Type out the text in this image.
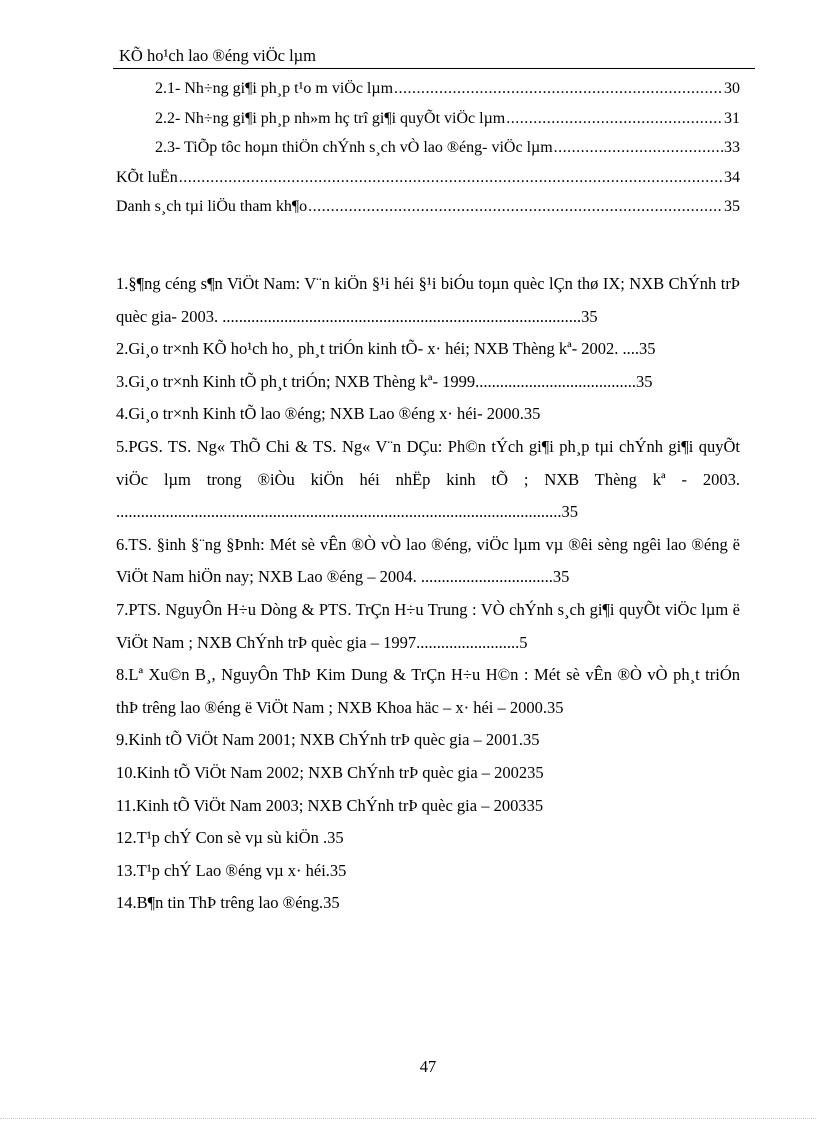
KÕ ho¹ch lao ®éng viÖc lµm
2.1- Nh÷ng gi¶i ph¸p t¹o m viÖc lµm .....	30
2.2- Nh÷ng gi¶i ph¸p nh»m hç trî gi¶i quyÕt viÖc lµm .....	31
2.3- TiÕp tôc hoµn thiÖn chÝnh s¸ch vÒ lao ®éng- viÖc lµm .....	33
KÕt luËn .....	34
Danh s¸ch tµi liÖu tham kh¶o .....	35

1.§¶ng céng s¶n ViÖt Nam: V¨n kiÖn §¹i héi §¹i biÓu toµn quèc lÇn thø IX; NXB ChÝnh trÞ quèc gia- 2003. .......................................................................................35

2.Gi¸o tr×nh KÕ ho¹ch ho¸ ph¸t triÓn kinh tÕ- x· héi; NXB Thèng kª- 2002. ....35

3.Gi¸o tr×nh Kinh tÕ ph¸t triÓn; NXB Thèng kª- 1999.......................................35

4.Gi¸o tr×nh Kinh tÕ lao ®éng; NXB Lao ®éng x· héi- 2000.35

5.PGS. TS. Ng« ThÕ Chi & TS. Ng« V¨n DÇu: Ph©n tÝch gi¶i ph¸p tµi chÝnh gi¶i quyÕt viÖc lµm trong ®iÒu kiÖn héi nhËp kinh tÕ ; NXB Thèng kª - 2003. ............................................................................................................35

6.TS. §inh §¨ng §Þnh: Mét sè vÊn ®Ò vÒ lao ®éng, viÖc lµm vµ ®êi sèng ngêi lao ®éng ë ViÖt Nam hiÖn nay; NXB Lao ®éng – 2004. ................................35

7.PTS. NguyÔn H÷u Dòng & PTS. TrÇn H÷u Trung : VÒ chÝnh s¸ch gi¶i quyÕt viÖc lµm ë ViÖt Nam ; NXB ChÝnh trÞ quèc gia – 1997.........................5

8.Lª Xu©n B¸, NguyÔn ThÞ Kim Dung & TrÇn H÷u H©n : Mét sè vÊn ®Ò vÒ ph¸t triÓn thÞ trêng lao ®éng ë ViÖt Nam ; NXB Khoa häc – x· héi – 2000.35

9.Kinh tÕ ViÖt Nam 2001; NXB ChÝnh trÞ quèc gia – 2001.35

10.Kinh tÕ ViÖt Nam 2002; NXB ChÝnh trÞ quèc gia – 200235

11.Kinh tÕ ViÖt Nam 2003; NXB ChÝnh trÞ quèc gia – 200335

12.T¹p chÝ Con sè vµ sù kiÖn .35

13.T¹p chÝ Lao ®éng vµ x· héi.35

14.B¶n tin ThÞ trêng lao ®éng.35

47
